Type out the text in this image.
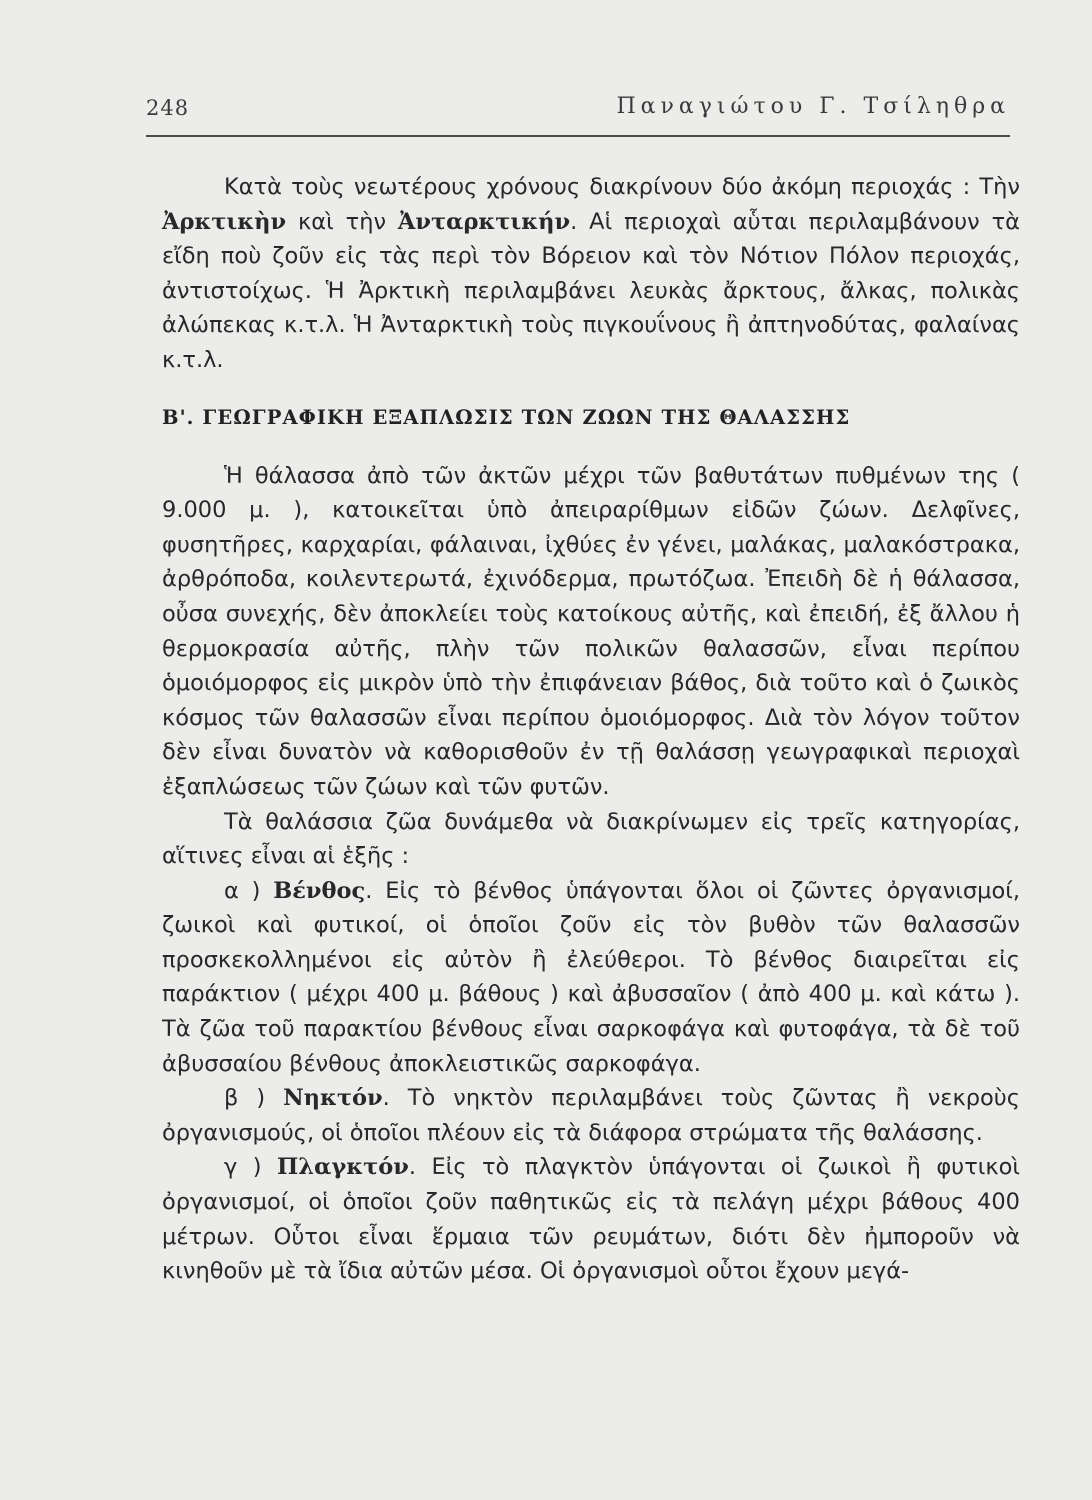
248	Παναγιώτου Γ. Τσίληθρα

Κατὰ τοὺς νεωτέρους χρόνους διακρίνουν δύο ἀκόμη περιοχάς : Τὴν Ἀρκτικὴν καὶ τὴν Ἀνταρκτικήν. Αἱ περιοχαὶ αὗται περιλαμβάνουν τὰ εἴδη ποὺ ζοῦν εἰς τὰς περὶ τὸν Βόρειον καὶ τὸν Νότιον Πόλον περιοχάς, ἀντιστοίχως. Ἡ Ἀρκτικὴ περιλαμβάνει λευκὰς ἄρκτους, ἄλκας, πολικὰς ἀλώπεκας κ.τ.λ. Ἡ Ἀνταρκτικὴ τοὺς πιγκουΐνους ἢ ἀπτηνοδύτας, φαλαίνας κ.τ.λ.

Β'. ΓΕΩΓΡΑΦΙΚΗ ΕΞΑΠΛΩΣΙΣ ΤΩΝ ΖΩΩΝ ΤΗΣ ΘΑΛΑΣΣΗΣ

Ἡ θάλασσα ἀπὸ τῶν ἀκτῶν μέχρι τῶν βαθυτάτων πυθμένων της ( 9.000 μ. ), κατοικεῖται ὑπὸ ἀπειραρίθμων εἰδῶν ζώων. Δελφῖνες, φυσητῆρες, καρχαρίαι, φάλαιναι, ἰχθύες ἐν γένει, μαλάκας, μαλακόστρακα, ἀρθρόποδα, κοιλεντερωτά, ἐχινόδερμα, πρωτόζωα. Ἐπειδὴ δὲ ἡ θάλασσα, οὖσα συνεχής, δὲν ἀποκλείει τοὺς κατοίκους αὐτῆς, καὶ ἐπειδή, ἐξ ἄλλου ἡ θερμοκρασία αὐτῆς, πλὴν τῶν πολικῶν θαλασσῶν, εἶναι περίπου ὁμοιόμορφος εἰς μικρὸν ὑπὸ τὴν ἐπιφάνειαν βάθος, διὰ τοῦτο καὶ ὁ ζωικὸς κόσμος τῶν θαλασσῶν εἶναι περίπου ὁμοιόμορφος. Διὰ τὸν λόγον τοῦτον δὲν εἶναι δυνατὸν νὰ καθορισθοῦν ἐν τῇ θαλάσσῃ γεωγραφικαὶ περιοχαὶ ἐξαπλώσεως τῶν ζώων καὶ τῶν φυτῶν.

Τὰ θαλάσσια ζῶα δυνάμεθα νὰ διακρίνωμεν εἰς τρεῖς κατηγορίας, αἵτινες εἶναι αἱ ἑξῆς :

α ) Βένθος. Εἰς τὸ βένθος ὑπάγονται ὅλοι οἱ ζῶντες ὀργανισμοί, ζωικοὶ καὶ φυτικοί, οἱ ὁποῖοι ζοῦν εἰς τὸν βυθὸν τῶν θαλασσῶν προσκεκολλημένοι εἰς αὐτὸν ἢ ἐλεύθεροι. Τὸ βένθος διαιρεῖται εἰς παράκτιον ( μέχρι 400 μ. βάθους ) καὶ ἀβυσσαῖον ( ἀπὸ 400 μ. καὶ κάτω ). Τὰ ζῶα τοῦ παρακτίου βένθους εἶναι σαρκοφάγα καὶ φυτοφάγα, τὰ δὲ τοῦ ἀβυσσαίου βένθους ἀποκλειστικῶς σαρκοφάγα.

β ) Νηκτόν. Τὸ νηκτὸν περιλαμβάνει τοὺς ζῶντας ἢ νεκροὺς ὀργανισμούς, οἱ ὁποῖοι πλέουν εἰς τὰ διάφορα στρώματα τῆς θαλάσσης.

γ ) Πλαγκτόν. Εἰς τὸ πλαγκτὸν ὑπάγονται οἱ ζωικοὶ ἢ φυτικοὶ ὀργανισμοί, οἱ ὁποῖοι ζοῦν παθητικῶς εἰς τὰ πελάγη μέχρι βάθους 400 μέτρων. Οὗτοι εἶναι ἕρμαια τῶν ρευμάτων, διότι δὲν ἠμποροῦν νὰ κινηθοῦν μὲ τὰ ἴδια αὐτῶν μέσα. Οἱ ὀργανισμοὶ οὗτοι ἔχουν μεγά-
